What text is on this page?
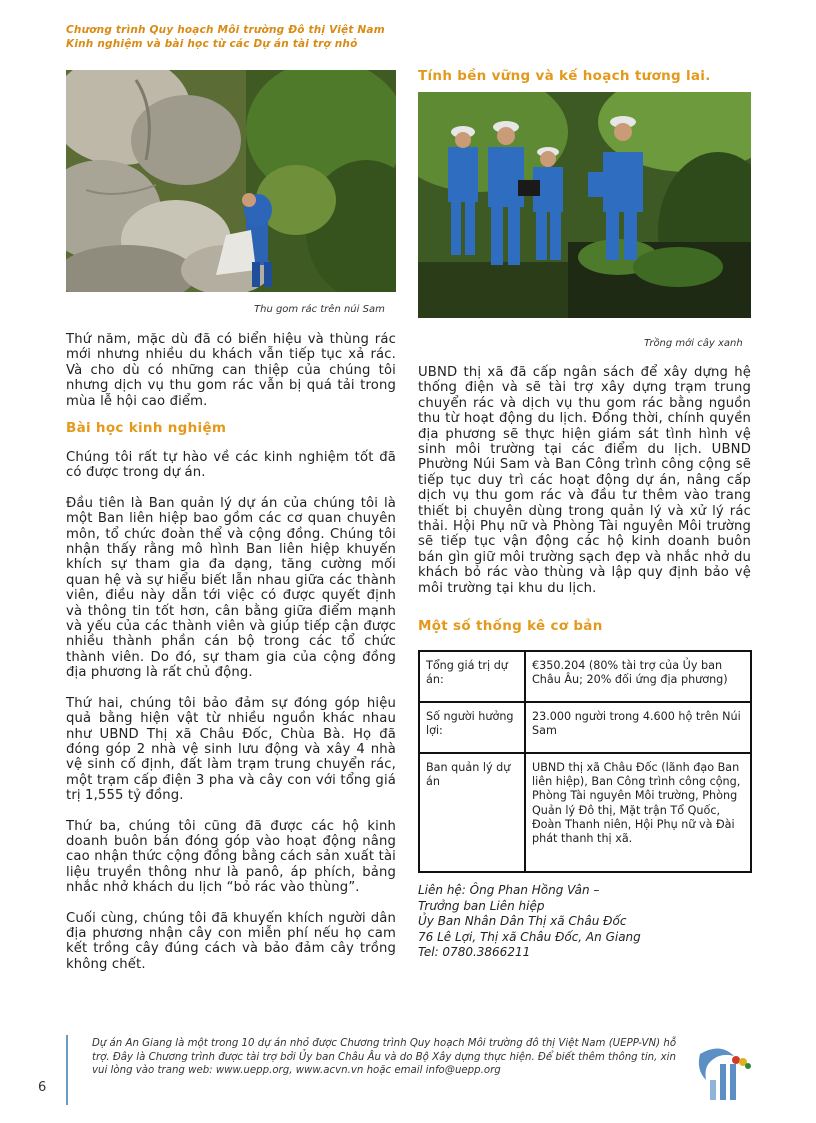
Chương trình Quy hoạch Môi trường Đô thị Việt Nam
Kinh nghiệm và bài học từ các Dự án tài trợ nhỏ
Thu gom rác trên núi Sam

Thứ năm, mặc dù đã có biển hiệu và thùng rác mới nhưng nhiều du khách vẫn tiếp tục xả rác. Và cho dù có những can thiệp của chúng tôi nhưng dịch vụ thu gom rác vẫn bị quá tải trong mùa lễ hội cao điểm.

Bài học kinh nghiệm

Chúng tôi rất tự hào về các kinh nghiệm tốt đã có được trong dự án.

Đầu tiên là Ban quản lý dự án của chúng tôi là một Ban liên hiệp bao gồm các cơ quan chuyên môn, tổ chức đoàn thể và cộng đồng. Chúng tôi nhận thấy rằng mô hình Ban liên hiệp khuyến khích sự tham gia đa dạng, tăng cường mối quan hệ và sự hiểu biết lẫn nhau giữa các thành viên, điều này dẫn tới việc có được quyết định và thông tin tốt hơn, cân bằng giữa điểm mạnh và yếu của các thành viên và giúp tiếp cận được nhiều thành phần cán bộ trong các tổ chức thành viên. Do đó, sự tham gia của cộng đồng địa phương là rất chủ động.

Thứ hai, chúng tôi bảo đảm sự đóng góp hiệu quả bằng hiện vật từ nhiều nguồn khác nhau như UBND Thị xã Châu Đốc, Chùa Bà. Họ đã đóng góp 2 nhà vệ sinh lưu động và xây 4 nhà vệ sinh cố định, đất làm trạm trung chuyển rác, một trạm cấp điện 3 pha và cây con với tổng giá trị 1,555 tỷ đồng.

Thứ ba, chúng tôi cũng đã được các hộ kinh doanh buôn bán đóng góp vào hoạt động nâng cao nhận thức cộng đồng bằng cách sản xuất tài liệu truyền thông như là panô, áp phích, bảng nhắc nhở khách du lịch “bỏ rác vào thùng”.

Cuối cùng, chúng tôi đã khuyến khích người dân địa phương nhận cây con miễn phí nếu họ cam kết trồng cây đúng cách và bảo đảm cây trồng không chết.

Tính bền vững và kế hoạch tương lai.
Trồng mới cây xanh

UBND thị xã đã cấp ngân sách để xây dựng hệ thống điện và sẽ tài trợ xây dựng trạm trung chuyển rác và dịch vụ thu gom rác bằng nguồn thu từ hoạt động du lịch. Đồng thời, chính quyền địa phương sẽ thực hiện giám sát tình hình vệ sinh môi trường tại các điểm du lịch. UBND Phường Núi Sam và Ban Công trình công cộng sẽ tiếp tục duy trì các hoạt động dự án, nâng cấp dịch vụ thu gom rác và đầu tư thêm vào trang thiết bị chuyên dùng trong quản lý và xử lý rác thải. Hội Phụ nữ và Phòng Tài nguyên Môi trường sẽ tiếp tục vận động các hộ kinh doanh buôn bán gìn giữ môi trường sạch đẹp và nhắc nhở du khách bỏ rác vào thùng và lập quy định bảo vệ môi trường tại khu du lịch.

Một số thống kê cơ bản
Tổng giá trị dự án:	€350.204 (80% tài trợ của Ủy ban Châu Âu; 20% đối ứng địa phương)
Số người hưởng lợi:	23.000 người trong 4.600 hộ trên Núi Sam
Ban quản lý dự án	UBND thị xã Châu Đốc (lãnh đạo Ban liên hiệp), Ban Công trình công cộng, Phòng Tài nguyên Môi trường, Phòng Quản lý Đô thị, Mặt trận Tổ Quốc, Đoàn Thanh niên, Hội Phụ nữ và Đài phát thanh thị xã.
Liên hệ: Ông Phan Hồng Vân –
Trưởng ban Liên hiệp
Ủy Ban Nhân Dân Thị xã Châu Đốc
76 Lê Lợi, Thị xã Châu Đốc, An Giang
Tel: 0780.3866211
6
Dự án An Giang là một trong 10 dự án nhỏ được Chương trình Quy hoạch Môi trường đô thị Việt Nam (UEPP-VN) hỗ trợ. Đây là Chương trình được tài trợ bởi Ủy ban Châu Âu và do Bộ Xây dựng thực hiện. Để biết thêm thông tin, xin vui lòng vào trang web: www.uepp.org, www.acvn.vn hoặc email info@uepp.org
